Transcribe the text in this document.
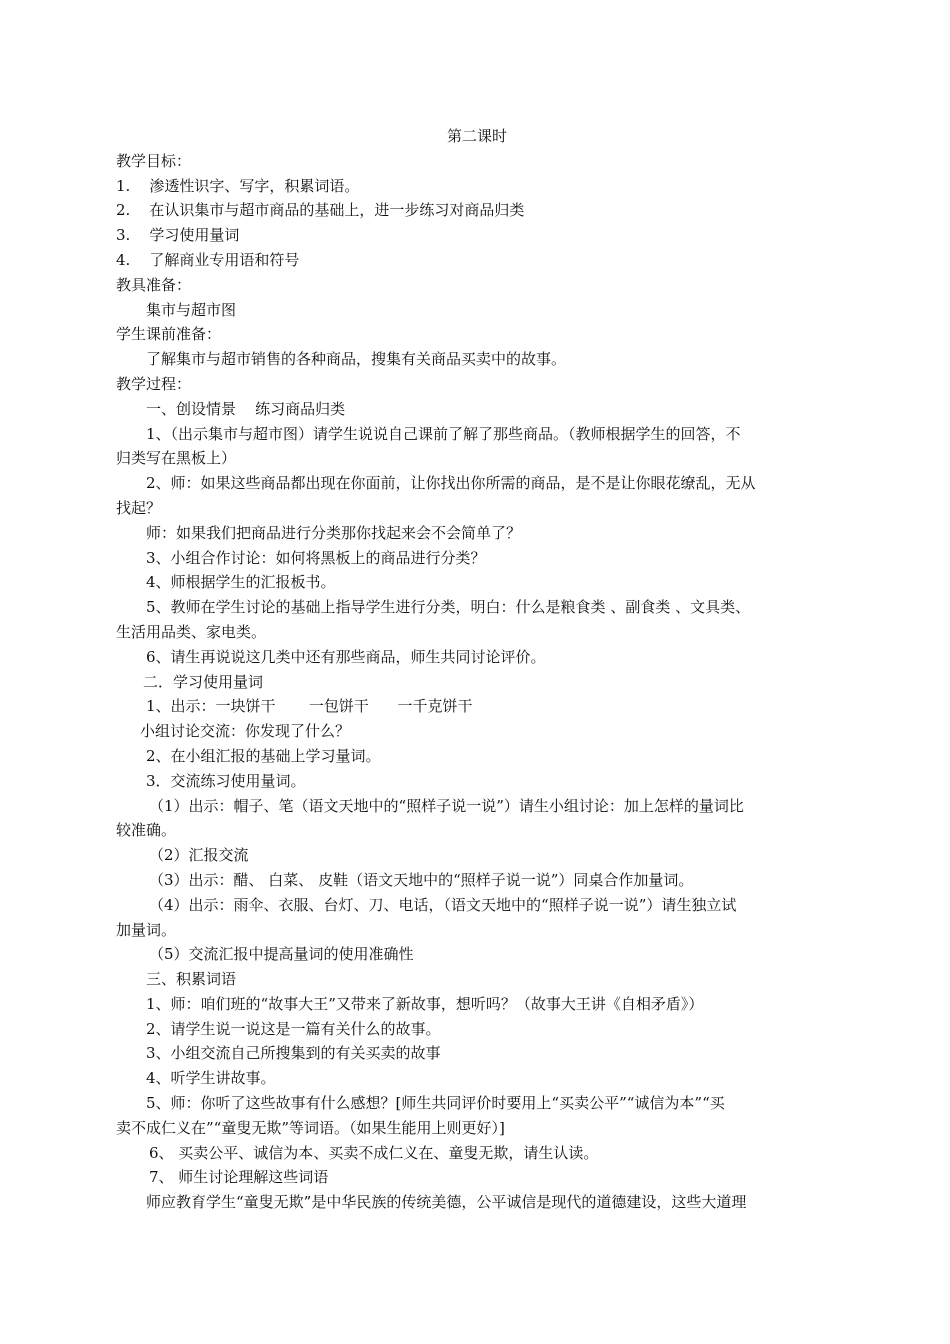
第二课时
教学目标：
1.    渗透性识字、写字，积累词语。
2.    在认识集市与超市商品的基础上，进一步练习对商品归类
3.    学习使用量词
4.    了解商业专用语和符号
教具准备：
集市与超市图
学生课前准备：
了解集市与超市销售的各种商品，搜集有关商品买卖中的故事。
教学过程：
一、创设情景    练习商品归类
1、（出示集市与超市图）请学生说说自己课前了解了那些商品。（教师根据学生的回答，不
归类写在黑板上）
2、师：如果这些商品都出现在你面前，让你找出你所需的商品，是不是让你眼花缭乱，无从
找起？
师：如果我们把商品进行分类那你找起来会不会简单了？
3、小组合作讨论：如何将黑板上的商品进行分类？
4、师根据学生的汇报板书。
5、教师在学生讨论的基础上指导学生进行分类，明白：什么是粮食类 、副食类 、文具类、
生活用品类、家电类。
6、请生再说说这几类中还有那些商品，师生共同讨论评价。
二．学习使用量词
1、出示：一块饼干       一包饼干      一千克饼干
小组讨论交流：你发现了什么？
2、在小组汇报的基础上学习量词。
3．交流练习使用量词。
（1）出示：帽子、笔（语文天地中的“照样子说一说”）请生小组讨论：加上怎样的量词比
较准确。
（2）汇报交流
（3）出示：醋、 白菜、 皮鞋（语文天地中的“照样子说一说”）同桌合作加量词。
（4）出示：雨伞、衣服、台灯、刀、电话，（语文天地中的“照样子说一说”）请生独立试
加量词。
（5）交流汇报中提高量词的使用准确性
三、积累词语
1、师：咱们班的“故事大王”又带来了新故事，想听吗？（故事大王讲《自相矛盾》）
2、请学生说一说这是一篇有关什么的故事。
3、小组交流自己所搜集到的有关买卖的故事
4、听学生讲故事。
5、师：你听了这些故事有什么感想？[师生共同评价时要用上“买卖公平”“诚信为本”“买
卖不成仁义在”“童叟无欺”等词语。（如果生能用上则更好）]
6、 买卖公平、诚信为本、买卖不成仁义在、童叟无欺，请生认读。
7、 师生讨论理解这些词语
师应教育学生“童叟无欺”是中华民族的传统美德，公平诚信是现代的道德建设，这些大道理
